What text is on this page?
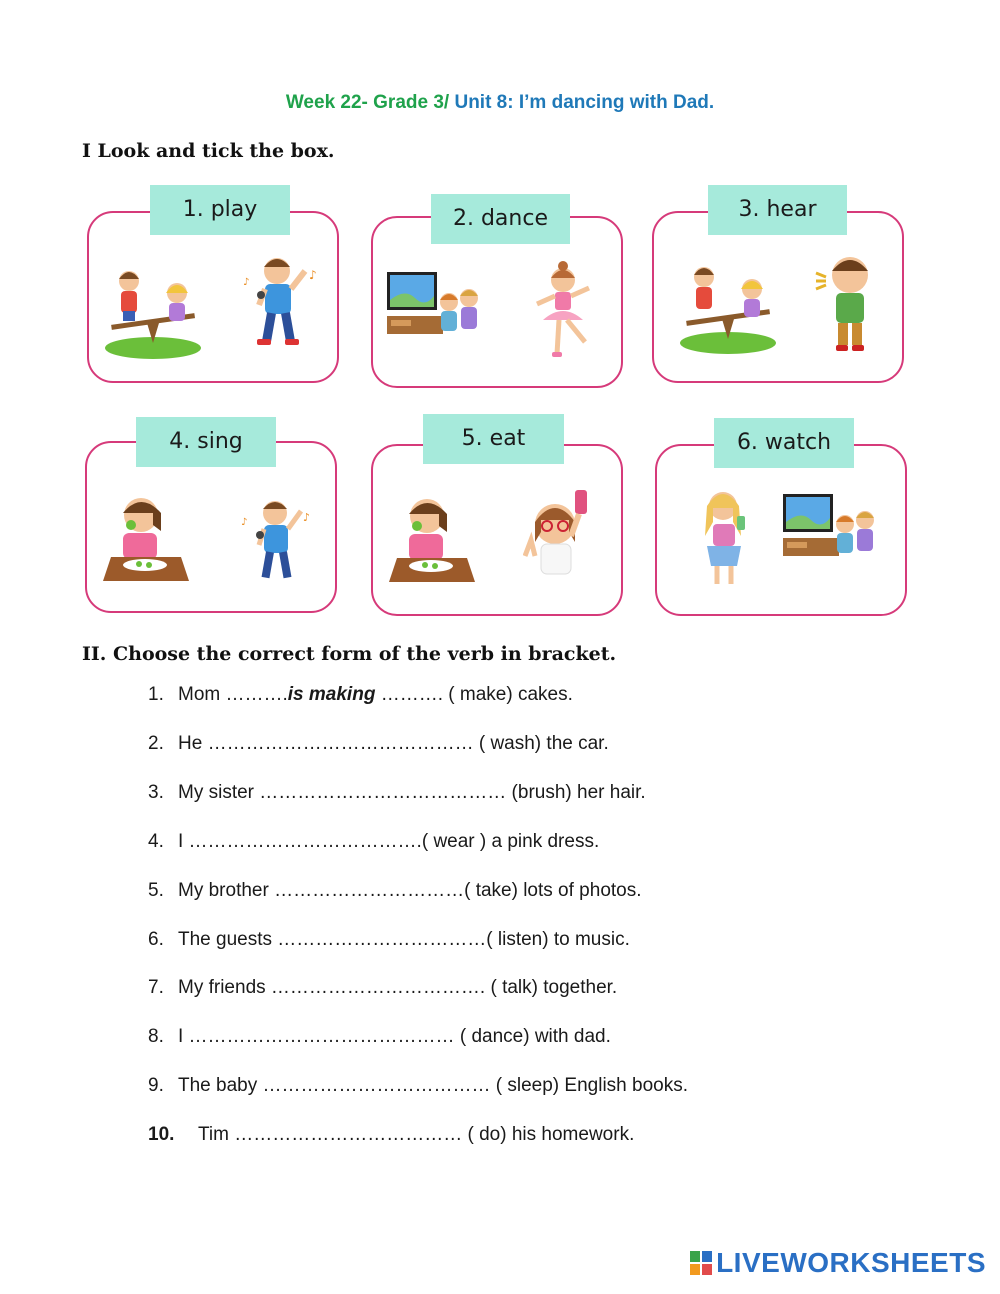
Week 22- Grade 3/ Unit 8: I’m dancing with Dad.
I Look and tick the box.
♪
♪
1. play	2. dance	3. hear
♪
♪
4. sing	5. eat	6. watch
II. Choose the correct form of the verb in bracket.
1. Mom ……….is making ………. ( make) cakes.
2. He …………………………………… ( wash) the car.
3. My sister ………………………………… (brush) her hair.
4. I ……………………………….( wear ) a pink dress.
5. My brother …………………………( take) lots of photos.
6. The guests ……………………………( listen) to music.
7. My friends ……………………………. ( talk) together.
8. I …………………………………… ( dance) with dad.
9. The baby ……………………………… ( sleep) English books.
10. Tim ……………………………… ( do) his homework.
LIVEWORKSHEETS
